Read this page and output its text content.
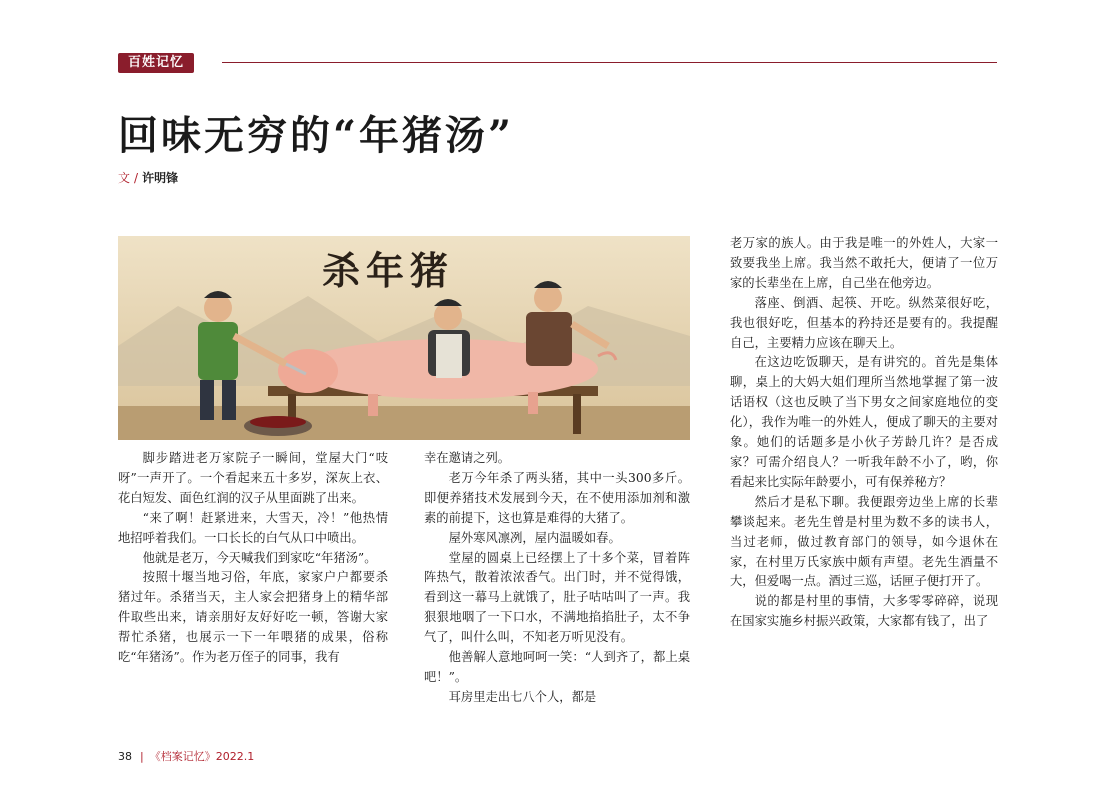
百姓记忆
回味无穷的“年猪汤”
文 / 许明锋
杀年猪

脚步踏进老万家院子一瞬间，堂屋大门“吱呀”一声开了。一个看起来五十多岁，深灰上衣、花白短发、面色红润的汉子从里面跳了出来。

“来了啊！赶紧进来，大雪天，冷！”他热情地招呼着我们。一口长长的白气从口中喷出。

他就是老万，今天喊我们到家吃“年猪汤”。

按照十堰当地习俗，年底，家家户户都要杀猪过年。杀猪当天，主人家会把猪身上的精华部件取些出来，请亲朋好友好好吃一顿，答谢大家帮忙杀猪，也展示一下一年喂猪的成果，俗称吃“年猪汤”。作为老万侄子的同事，我有

幸在邀请之列。

老万今年杀了两头猪，其中一头300多斤。即便养猪技术发展到今天，在不使用添加剂和激素的前提下，这也算是难得的大猪了。

屋外寒风凛冽，屋内温暖如春。

堂屋的圆桌上已经摆上了十多个菜，冒着阵阵热气，散着浓浓香气。出门时，并不觉得饿，看到这一幕马上就饿了，肚子咕咕叫了一声。我狠狠地咽了一下口水，不满地掐掐肚子，太不争气了，叫什么叫，不知老万听见没有。

他善解人意地呵呵一笑：“人到齐了，都上桌吧！”。

耳房里走出七八个人，都是

老万家的族人。由于我是唯一的外姓人，大家一致要我坐上席。我当然不敢托大，便请了一位万家的长辈坐在上席，自己坐在他旁边。

落座、倒酒、起筷、开吃。纵然菜很好吃，我也很好吃，但基本的矜持还是要有的。我提醒自己，主要精力应该在聊天上。

在这边吃饭聊天，是有讲究的。首先是集体聊，桌上的大妈大姐们理所当然地掌握了第一波话语权（这也反映了当下男女之间家庭地位的变化），我作为唯一的外姓人，便成了聊天的主要对象。她们的话题多是小伙子芳龄几许？是否成家？可需介绍良人？一听我年龄不小了，哟，你看起来比实际年龄要小，可有保养秘方？

然后才是私下聊。我便跟旁边坐上席的长辈攀谈起来。老先生曾是村里为数不多的读书人，当过老师，做过教育部门的领导，如今退休在家，在村里万氏家族中颇有声望。老先生酒量不大，但爱喝一点。酒过三巡，话匣子便打开了。

说的都是村里的事情，大多零零碎碎，说现在国家实施乡村振兴政策，大家都有钱了，出了

38 | 《档案记忆》2022.1
